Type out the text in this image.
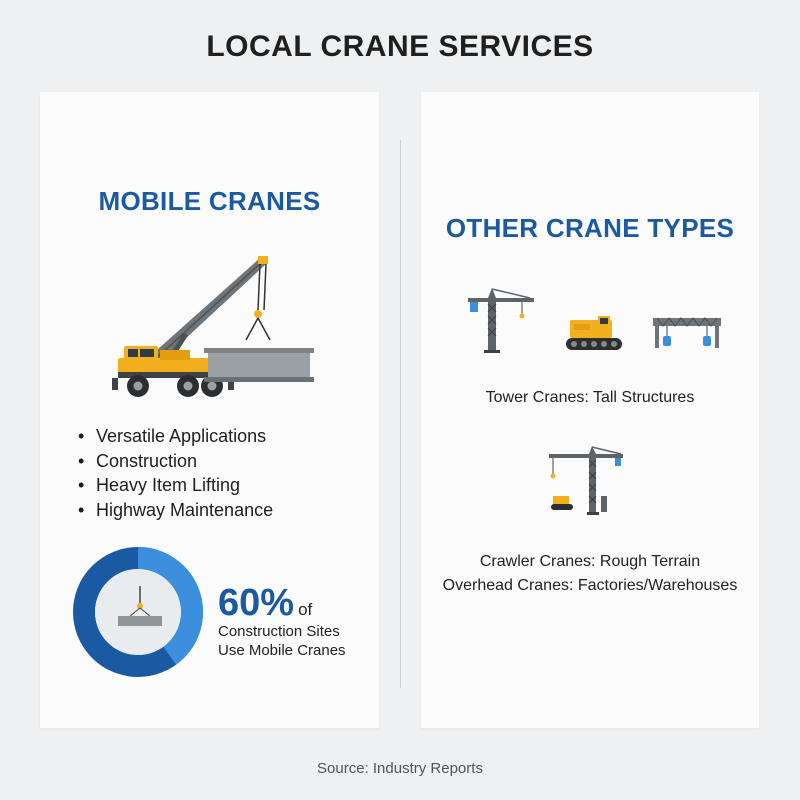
LOCAL CRANE SERVICES
MOBILE CRANES
• Versatile Applications
• Construction
• Heavy Item Lifting
• Highway Maintenance
60% of
Construction Sites
Use Mobile Cranes
OTHER CRANE TYPES
Tower Cranes: Tall Structures
Crawler Cranes: Rough Terrain
Overhead Cranes: Factories/Warehouses
Source: Industry Reports
